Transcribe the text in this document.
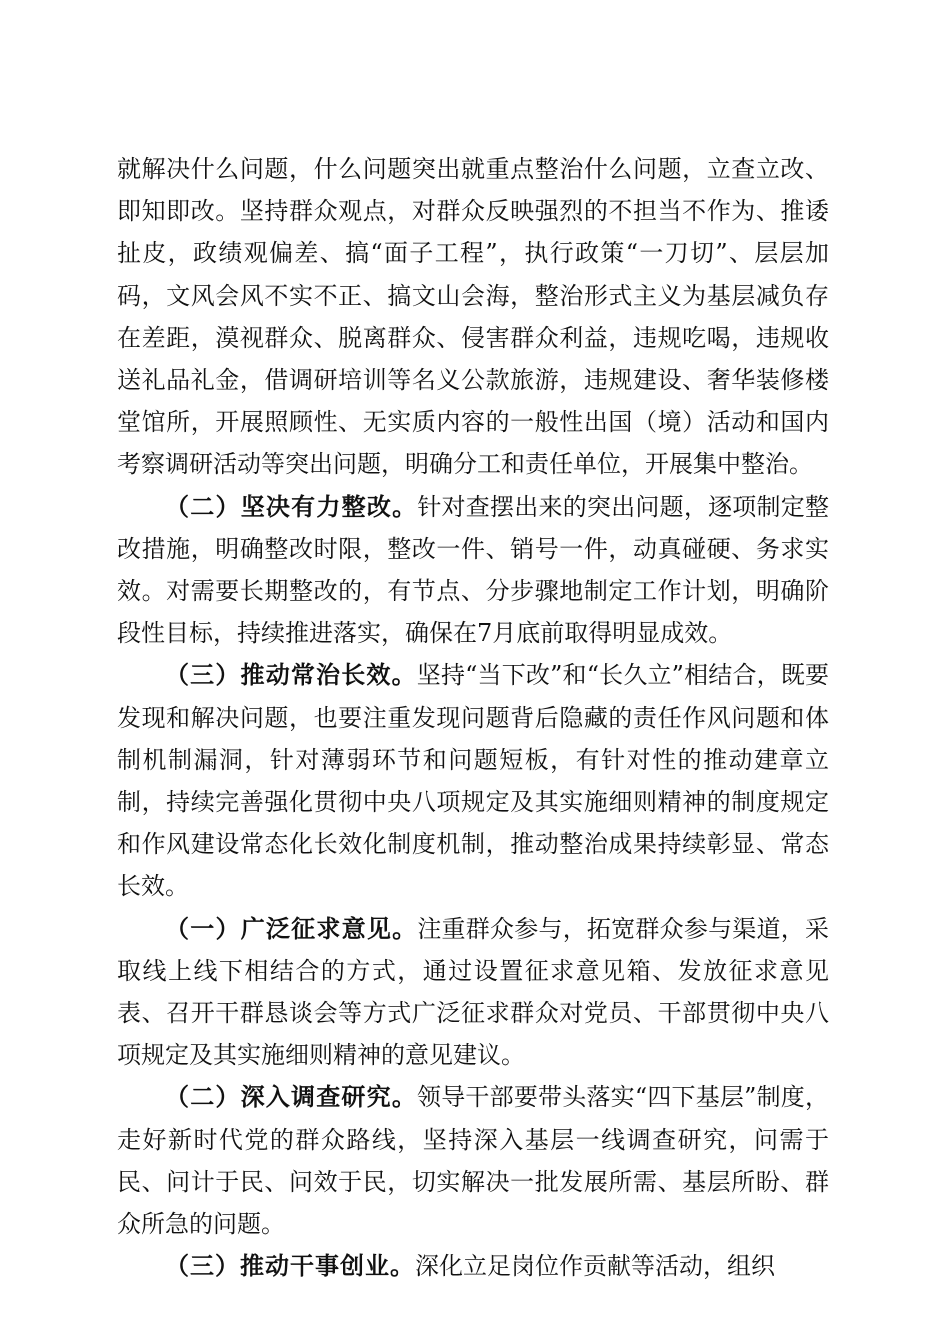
就解决什么问题，什么问题突出就重点整治什么问题，立查立改、即知即改。坚持群众观点，对群众反映强烈的不担当不作为、推诿扯皮，政绩观偏差、搞“面子工程”，执行政策“一刀切”、层层加码，文风会风不实不正、搞文山会海，整治形式主义为基层减负存在差距，漠视群众、脱离群众、侵害群众利益，违规吃喝，违规收送礼品礼金，借调研培训等名义公款旅游，违规建设、奢华装修楼堂馆所，开展照顾性、无实质内容的一般性出国（境）活动和国内考察调研活动等突出问题，明确分工和责任单位，开展集中整治。

（二）坚决有力整改。针对查摆出来的突出问题，逐项制定整改措施，明确整改时限，整改一件、销号一件，动真碰硬、务求实效。对需要长期整改的，有节点、分步骤地制定工作计划，明确阶段性目标，持续推进落实，确保在7月底前取得明显成效。

（三）推动常治长效。坚持“当下改”和“长久立”相结合，既要发现和解决问题，也要注重发现问题背后隐藏的责任作风问题和体制机制漏洞，针对薄弱环节和问题短板，有针对性的推动建章立制，持续完善强化贯彻中央八项规定及其实施细则精神的制度规定和作风建设常态化长效化制度机制，推动整治成果持续彰显、常态长效。

（一）广泛征求意见。注重群众参与，拓宽群众参与渠道，采取线上线下相结合的方式，通过设置征求意见箱、发放征求意见表、召开干群恳谈会等方式广泛征求群众对党员、干部贯彻中央八项规定及其实施细则精神的意见建议。

（二）深入调查研究。领导干部要带头落实“四下基层”制度，走好新时代党的群众路线，坚持深入基层一线调查研究，问需于民、问计于民、问效于民，切实解决一批发展所需、基层所盼、群众所急的问题。

（三）推动干事创业。深化立足岗位作贡献等活动，组织
